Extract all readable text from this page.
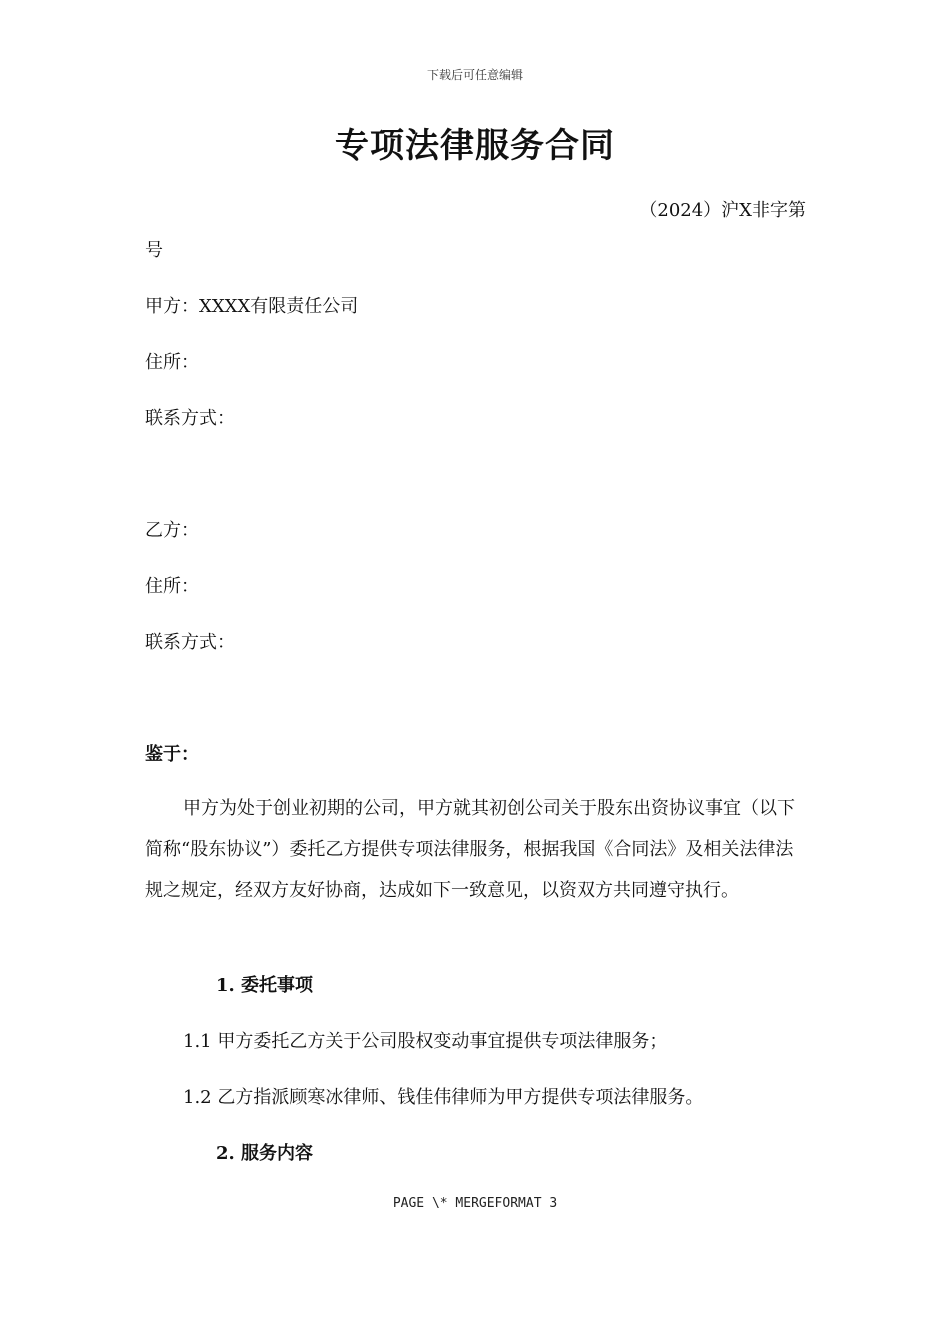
下载后可任意编辑
专项法律服务合同
（2024）沪X非字第
号
甲方：XXXX有限责任公司
住所：
联系方式：
乙方：
住所：
联系方式：
鉴于：
甲方为处于创业初期的公司，甲方就其初创公司关于股东出资协议事宜（以下简称“股东协议”）委托乙方提供专项法律服务，根据我国《合同法》及相关法律法规之规定，经双方友好协商，达成如下一致意见，以资双方共同遵守执行。
1. 委托事项
1.1 甲方委托乙方关于公司股权变动事宜提供专项法律服务；
1.2 乙方指派顾寒冰律师、钱佳伟律师为甲方提供专项法律服务。
2. 服务内容
PAGE \* MERGEFORMAT 3
